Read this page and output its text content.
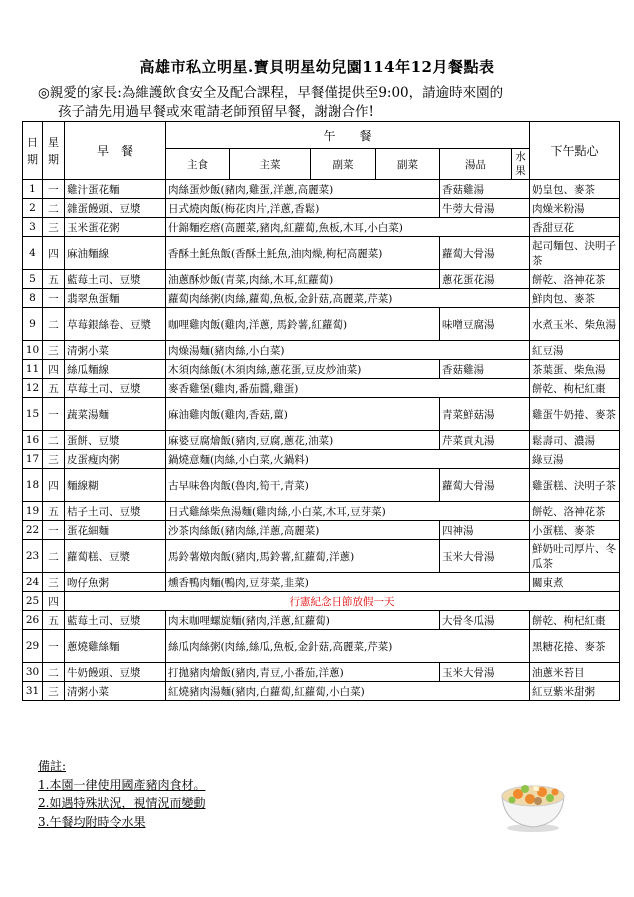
高雄市私立明星.寶貝明星幼兒園114年12月餐點表
◎親愛的家長:為維護飲食安全及配合課程，早餐僅提供至9:00，請逾時來園的
孩子請先用過早餐或來電請老師預留早餐，謝謝合作!
日期	星期	早　餐	午　　餐						下午點心
			主食	主菜	副菜	副菜	湯品	水果	
1	一	雞汁蛋花麵	肉絲蛋炒飯(豬肉,雞蛋,洋蔥,高麗菜)				香菇雞湯		奶皇包、麥茶
2	二	雜蛋饅頭、豆漿	日式燒肉飯(梅花肉片,洋蔥,香鬆)				牛蒡大骨湯		肉燥米粉湯
3	三	玉米蛋花粥	什錦麵疙瘩(高麗菜,豬肉,紅蘿蔔,魚板,木耳,小白菜)						香甜豆花
4	四	麻油麵線	香酥土魠魚飯(香酥土魠魚,油肉燥,枸杞高麗菜)				蘿蔔大骨湯		起司麵包、決明子茶
5	五	藍莓土司、豆漿	油蔥酥炒飯(青菜,肉絲,木耳,紅蘿蔔)				蔥花蛋花湯		餅乾、洛神花茶
8	一	翡翠魚蛋麵	蘿蔔肉絲粥(肉絲,蘿蔔,魚板,金針菇,高麗菜,芹菜)						鮮肉包、麥茶
9	二	草莓銀絲卷、豆漿	咖哩雞肉飯(雞肉,洋蔥, 馬鈴薯,紅蘿蔔)				味噌豆腐湯		水煮玉米、柴魚湯
10	三	清粥小菜	肉燥湯麵(豬肉絲,小白菜)						紅豆湯
11	四	絲瓜麵線	木須肉絲飯(木須肉絲,蔥花蛋,豆皮炒油菜)				香菇雞湯		茶葉蛋、柴魚湯
12	五	草莓土司、豆漿	麥香雞堡(雞肉,番茄醬,雞蛋)						餅乾、枸杞紅棗
15	一	蔬菜湯麵	麻油雞肉飯(雞肉,香菇,薑)				青菜鮮菇湯		雞蛋牛奶捲、麥茶
16	二	蛋餅、豆漿	麻婆豆腐燴飯(豬肉,豆腐,蔥花,油菜)				芹菜貢丸湯		鬆壽司、濃湯
17	三	皮蛋瘦肉粥	鍋燒意麵(肉絲,小白菜,火鍋料)						綠豆湯
18	四	麵線糊	古早味魯肉飯(魯肉,筍干,青菜)				蘿蔔大骨湯		雞蛋糕、決明子茶
19	五	桔子土司、豆漿	日式雞絲柴魚湯麵(雞肉絲,小白菜,木耳,豆芽菜)						餅乾、洛神花茶
22	一	蛋花細麵	沙茶肉絲飯(豬肉絲,洋蔥,高麗菜)				四神湯		小蛋糕、麥茶
23	二	蘿蔔糕、豆漿	馬鈴薯燉肉飯(豬肉,馬鈴薯,紅蘿蔔,洋蔥)				玉米大骨湯		鮮奶吐司厚片、冬瓜茶
24	三	吻仔魚粥	燻香鴨肉麵(鴨肉,豆芽菜,韭菜)						關東煮
25	四	行憲紀念日節放假一天							
26	五	藍莓土司、豆漿	肉末咖哩螺旋麵(豬肉,洋蔥,紅蘿蔔)				大骨冬瓜湯		餅乾、枸杞紅棗
29	一	蔥燒雞絲麵	絲瓜肉絲粥(肉絲,絲瓜,魚板,金針菇,高麗菜,芹菜)						黑糖花捲、麥茶
30	二	牛奶饅頭、豆漿	打拋豬肉燴飯(豬肉,青豆,小番茄,洋蔥)				玉米大骨湯		油蔥米苔目
31	三	清粥小菜	紅燒豬肉湯麵(豬肉,白蘿蔔,紅蘿蔔,小白菜)						紅豆紫米甜粥
備註:
1.本園一律使用國產豬肉食材。
2.如遇特殊狀況，視情況而變動
3.午餐均附時令水果
